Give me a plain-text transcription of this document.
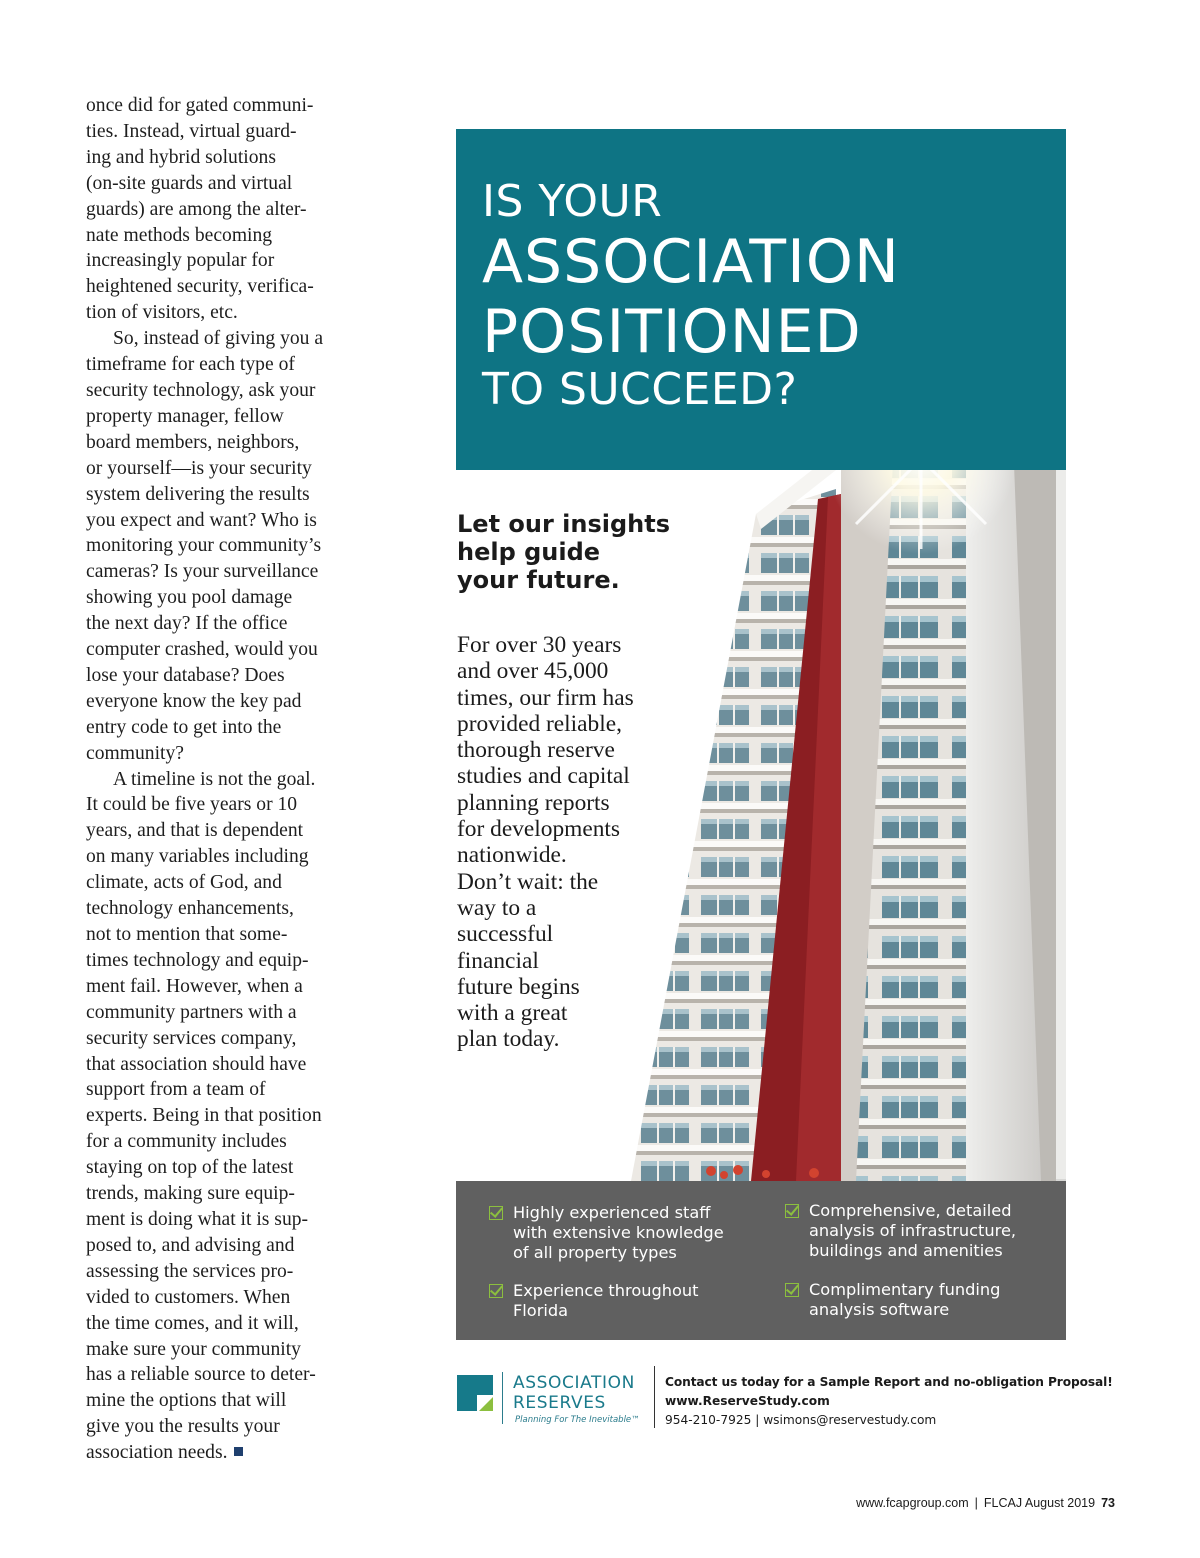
once did for gated communi-
ties. Instead, virtual guard-
ing and hybrid solutions
(on-site guards and virtual
guards) are among the alter-
nate methods becoming
increasingly popular for
heightened security, verifica-
tion of visitors, etc.

So, instead of giving you a
timeframe for each type of
security technology, ask your
property manager, fellow
board members, neighbors,
or yourself—is your security
system delivering the results
you expect and want? Who is
monitoring your community’s
cameras? Is your surveillance
showing you pool damage
the next day? If the office
computer crashed, would you
lose your database? Does
everyone know the key pad
entry code to get into the
community?

A timeline is not the goal.
It could be five years or 10
years, and that is dependent
on many variables including
climate, acts of God, and
technology enhancements,
not to mention that some-
times technology and equip-
ment fail. However, when a
community partners with a
security services company,
that association should have
support from a team of
experts. Being in that position
for a community includes
staying on top of the latest
trends, making sure equip-
ment is doing what it is sup-
posed to, and advising and
assessing the services pro-
vided to customers. When
the time comes, and it will,
make sure your community
has a reliable source to deter-
mine the options that will
give you the results your
association needs.

IS YOUR
ASSOCIATION
POSITIONED
TO SUCCEED?
Let our insights
help guide
your future.
For over 30 years
and over 45,000
times, our firm has
provided reliable,
thorough reserve
studies and capital
planning reports
for developments
nationwide.
Don’t wait: the
way to a
successful
financial
future begins
with a great
plan today.
Highly experienced staff
with extensive knowledge
of all property types
Comprehensive, detailed
analysis of infrastructure,
buildings and amenities
Experience throughout
Florida
Complimentary funding
analysis software
ASSOCIATION
RESERVES
Planning For The Inevitable™
Contact us today for a Sample Report and no-obligation Proposal!
www.ReserveStudy.com
954-210-7925 | wsimons@reservestudy.com
www.fcapgroup.com | FLCAJ August 2019 73
